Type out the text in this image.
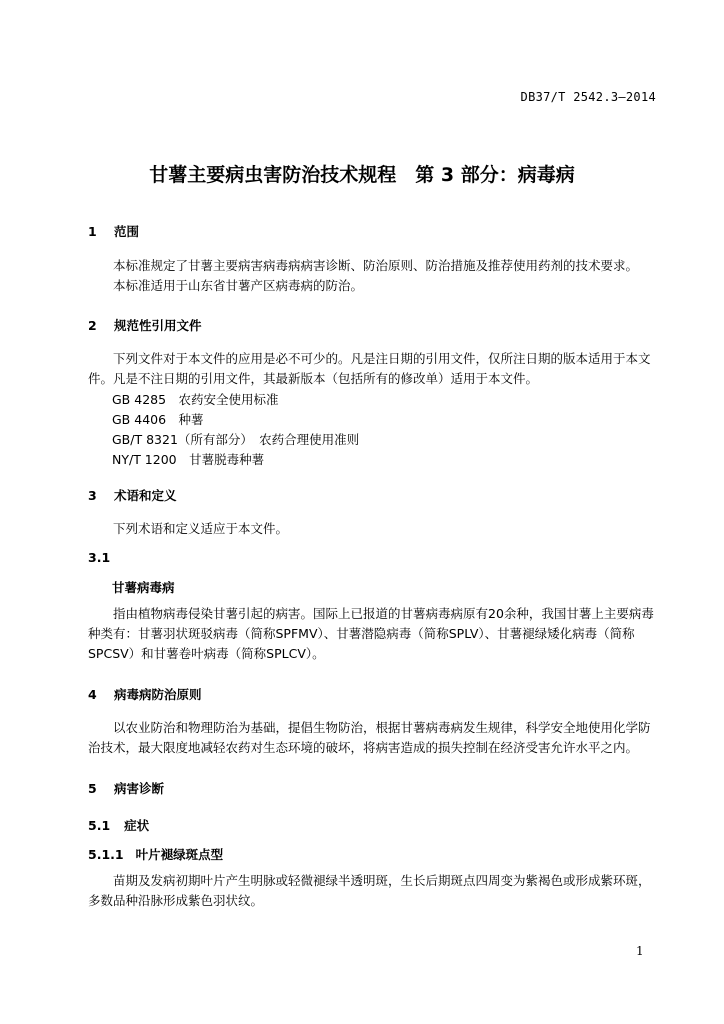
DB37/T 2542.3—2014
甘薯主要病虫害防治技术规程　第 3 部分：病毒病
1 范围
本标准规定了甘薯主要病害病毒病病害诊断、防治原则、防治措施及推荐使用药剂的技术要求。
本标准适用于山东省甘薯产区病毒病的防治。
2 规范性引用文件
下列文件对于本文件的应用是必不可少的。凡是注日期的引用文件，仅所注日期的版本适用于本文件。凡是不注日期的引用文件，其最新版本（包括所有的修改单）适用于本文件。
GB 4285　农药安全使用标准
GB 4406　种薯
GB/T 8321（所有部分）　农药合理使用准则
NY/T 1200　甘薯脱毒种薯
3 术语和定义
下列术语和定义适应于本文件。
3.1
甘薯病毒病
指由植物病毒侵染甘薯引起的病害。国际上已报道的甘薯病毒病原有20余种，我国甘薯上主要病毒种类有：甘薯羽状斑驳病毒（简称SPFMV）、甘薯潜隐病毒（简称SPLV）、甘薯褪绿矮化病毒（简称SPCSV）和甘薯卷叶病毒（简称SPLCV）。
4 病毒病防治原则
以农业防治和物理防治为基础，提倡生物防治，根据甘薯病毒病发生规律，科学安全地使用化学防治技术，最大限度地减轻农药对生态环境的破坏，将病害造成的损失控制在经济受害允许水平之内。
5 病害诊断
5.1 症状
5.1.1 叶片褪绿斑点型
苗期及发病初期叶片产生明脉或轻微褪绿半透明斑，生长后期斑点四周变为紫褐色或形成紫环斑，多数品种沿脉形成紫色羽状纹。
1
